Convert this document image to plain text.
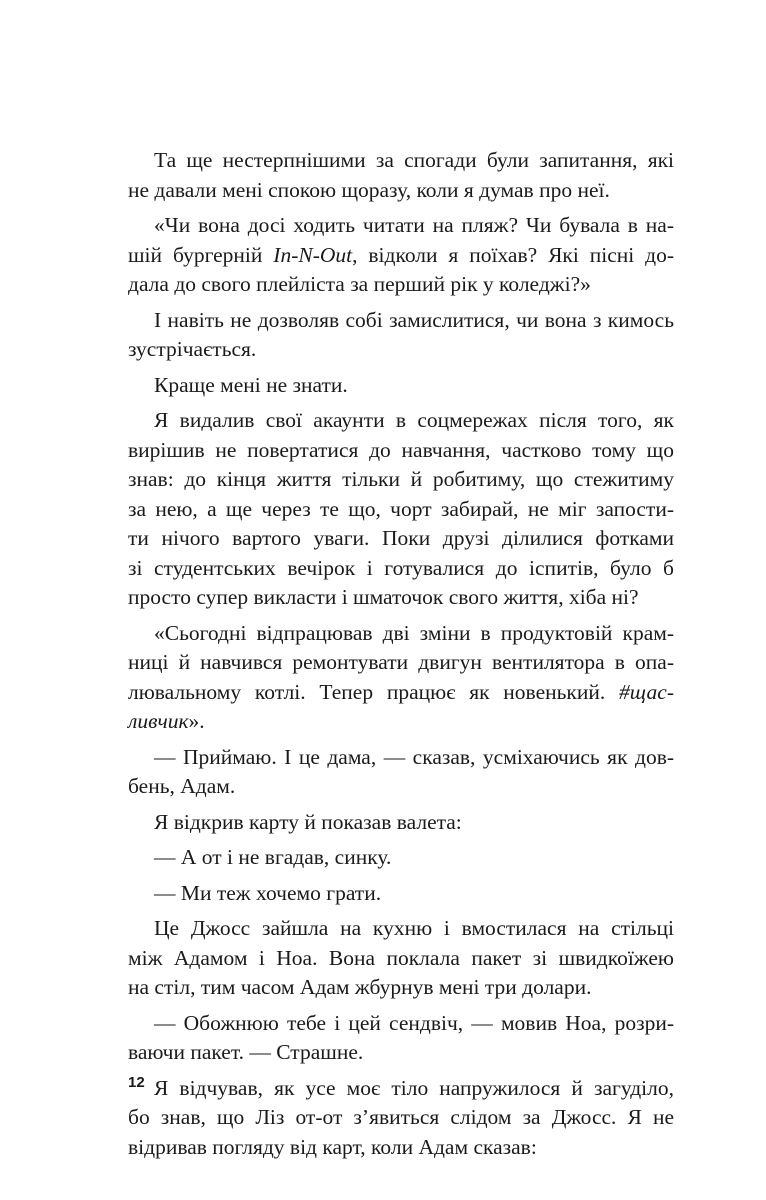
Та ще нестерпнішими за спогади були запитання, які
не давали мені спокою щоразу, коли я думав про неї.

«Чи вона досі ходить читати на пляж? Чи бувала в на-
шій бургерній In-N-Out, відколи я поїхав? Які пісні до-
дала до свого плейліста за перший рік у коледжі?»

І навіть не дозволяв собі замислитися, чи вона з кимось
зустрічається.

Краще мені не знати.

Я видалив свої акаунти в соцмережах після того, як
вирішив не повертатися до навчання, частково тому що
знав: до кінця життя тільки й робитиму, що стежитиму
за нею, а ще через те що, чорт забирай, не міг запости-
ти нічого вартого уваги. Поки друзі ділилися фотками
зі студентських вечірок і готувалися до іспитів, було б
просто супер викласти і шматочок свого життя, хіба ні?

«Сьогодні відпрацював дві зміни в продуктовій крам-
ниці й навчився ремонтувати двигун вентилятора в опа-
лювальному котлі. Тепер працює як новенький. #щас-
ливчик».

— Приймаю. І це дама, — сказав, усміхаючись як дов-
бень, Адам.

Я відкрив карту й показав валета:

— А от і не вгадав, синку.

— Ми теж хочемо грати.

Це Джосс зайшла на кухню і вмостилася на стільці
між Адамом і Ноа. Вона поклала пакет зі швидкоїжею
на стіл, тим часом Адам жбурнув мені три долари.

— Обожнюю тебе і цей сендвіч, — мовив Ноа, розри-
ваючи пакет. — Страшне.

Я відчував, як усе моє тіло напружилося й загуділо,
бо знав, що Ліз от-от з’явиться слідом за Джосс. Я не
відривав погляду від карт, коли Адам сказав:

12
